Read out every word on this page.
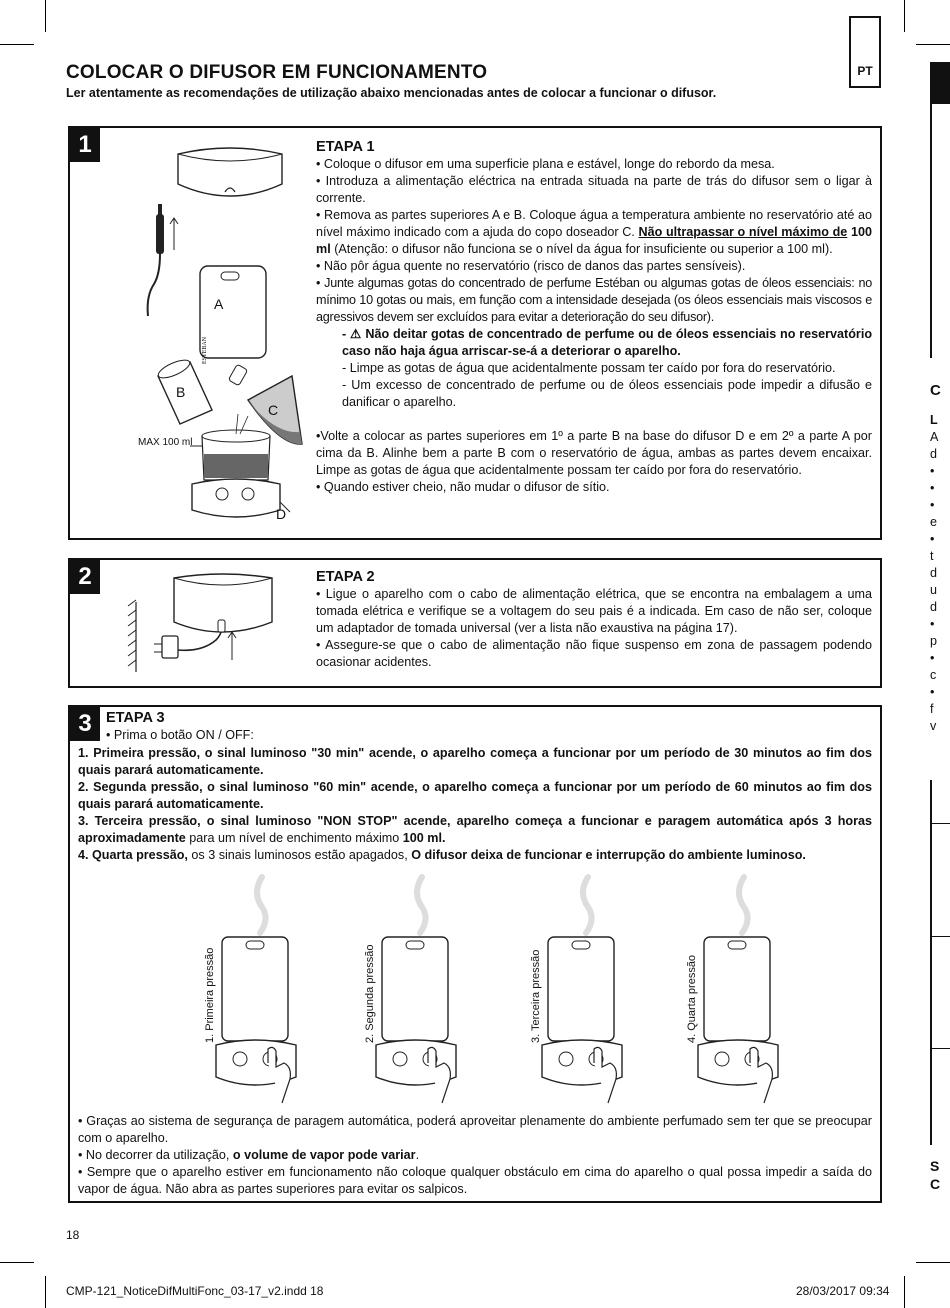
C
L
A
d
•
•
•
e
•
t
d
u
d
•
p
•
c
•
f
v
S
C
COLOCAR O DIFUSOR EM FUNCIONAMENTO
Ler atentamente as recomendações de utilização abaixo mencionadas antes de colocar a funcionar o difusor.
PT
1
A
B
C
D
MAX 100 ml
ESTEBAN

ETAPA 1

• Coloque o difusor em uma superficie plana e estável, longe do rebordo da mesa.

• Introduza a alimentação eléctrica na entrada situada na parte de trás do difusor sem o ligar à corrente.

• Remova as partes superiores A e B. Coloque água a temperatura ambiente no reservatório até ao nível máximo indicado com a ajuda do copo doseador C. Não ultrapassar o nível máximo de 100 ml (Atenção: o difusor não funciona se o nível da água for insuficiente ou superior a 100 ml).

• Não pôr água quente no reservatório (risco de danos das partes sensíveis).

• Junte algumas gotas do concentrado de perfume Estéban ou algumas gotas de óleos essenciais: no mínimo 10 gotas ou mais, em função com a intensidade desejada (os óleos essenciais mais viscosos e agressivos devem ser excluídos para evitar a deterioração do seu difusor).

- ⚠ Não deitar gotas de concentrado de perfume ou de óleos essenciais no reservatório caso não haja água arriscar-se-á a deteriorar o aparelho.

- Limpe as gotas de água que acidentalmente possam ter caído por fora do reservatório.

- Um excesso de concentrado de perfume ou de óleos essenciais pode impedir a difusão e danificar o aparelho.

•Volte a colocar as partes superiores em 1º a parte B na base do difusor D e em 2º a parte A por cima da B. Alinhe bem a parte B com o reservatório de água, ambas as partes devem encaixar. Limpe as gotas de água que acidentalmente possam ter caído por fora do reservatório.

• Quando estiver cheio, não mudar o difusor de sítio.

2	ETAPA 2

• Ligue o aparelho com o cabo de alimentação elétrica, que se encontra na embalagem a uma tomada elétrica e verifique se a voltagem do seu pais é a indicada. Em caso de não ser, coloque um adaptador de tomada universal (ver a lista não exaustiva na página 17).

• Assegure-se que o cabo de alimentação não fique suspenso em zona de passagem podendo ocasionar acidentes.

3 ETAPA 3

• Prima o botão ON / OFF:

1. Primeira pressão, o sinal luminoso "30 min" acende, o aparelho começa a funcionar por um período de 30 minutos ao fim dos quais parará automaticamente.

2. Segunda pressão, o sinal luminoso "60 min" acende, o aparelho começa a funcionar por um período de 60 minutos ao fim dos quais parará automaticamente.

3. Terceira pressão, o sinal luminoso "NON STOP" acende, aparelho começa a funcionar e paragem automática após 3 horas aproximadamente para um nível de enchimento máximo 100 ml.

4. Quarta pressão, os 3 sinais luminosos estão apagados, O difusor deixa de funcionar e interrupção do ambiente luminoso.

1. Primeira pressão	2. Segunda pressão	3. Terceira pressão	4. Quarta pressão

• Graças ao sistema de segurança de paragem automática, poderá aproveitar plenamente do ambiente perfumado sem ter que se preocupar com o aparelho.

• No decorrer da utilização, o volume de vapor pode variar.

• Sempre que o aparelho estiver em funcionamento não coloque qualquer obstáculo em cima do aparelho o qual possa impedir a saída do vapor de água. Não abra as partes superiores para evitar os salpicos.

18
CMP-121_NoticeDifMultiFonc_03-17_v2.indd 18	28/03/2017 09:34
